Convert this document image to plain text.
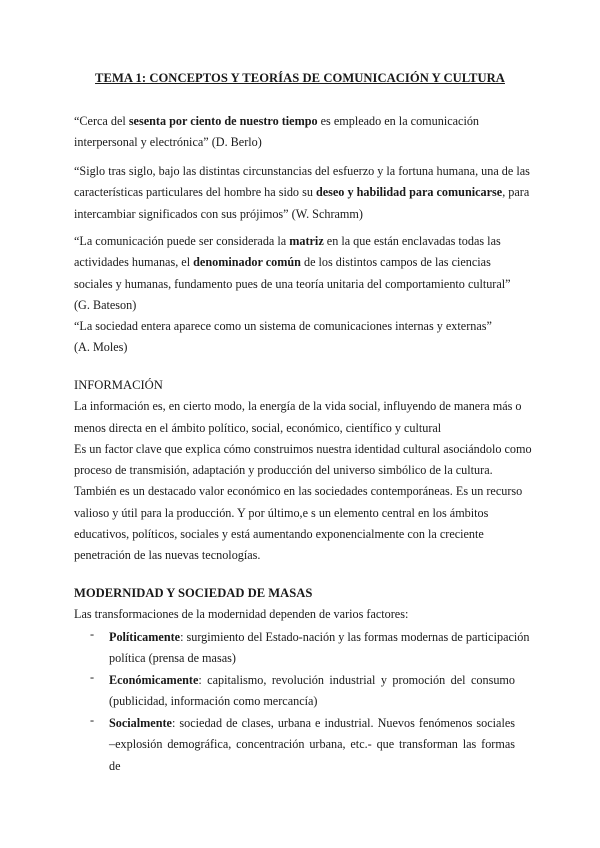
TEMA 1: CONCEPTOS Y TEORÍAS DE COMUNICACIÓN Y CULTURA
“Cerca del sesenta por ciento de nuestro tiempo es empleado en la comunicación
interpersonal y electrónica” (D. Berlo)
“Siglo tras siglo, bajo las distintas circunstancias del esfuerzo y la fortuna humana, una de las
características particulares del hombre ha sido su deseo y habilidad para comunicarse, para
intercambiar significados con sus prójimos” (W. Schramm)
“La comunicación puede ser considerada la matriz en la que están enclavadas todas las
actividades humanas, el denominador común de los distintos campos de las ciencias
sociales y humanas, fundamento pues de una teoría unitaria del comportamiento cultural”
(G. Bateson)
“La sociedad entera aparece como un sistema de comunicaciones internas y externas”
(A. Moles)
INFORMACIÓN
La información es, en cierto modo, la energía de la vida social, influyendo de manera más o
menos directa en el ámbito político, social, económico, científico y cultural
Es un factor clave que explica cómo construimos nuestra identidad cultural asociándolo como
proceso de transmisión, adaptación y producción del universo simbólico de la cultura.
También es un destacado valor económico en las sociedades contemporáneas. Es un recurso
valioso y útil para la producción. Y por último,e s un elemento central en los ámbitos
educativos, políticos, sociales y está aumentando exponencialmente con la creciente
penetración de las nuevas tecnologías.
MODERNIDAD Y SOCIEDAD DE MASAS
Las transformaciones de la modernidad dependen de varios factores:
- Políticamente: surgimiento del Estado-nación y las formas modernas de participación
política (prensa de masas)
- Económicamente: capitalismo, revolución industrial y promoción del consumo
(publicidad, información como mercancía)
- Socialmente: sociedad de clases, urbana e industrial. Nuevos fenómenos sociales
–explosión demográfica, concentración urbana, etc.- que transforman las formas de
